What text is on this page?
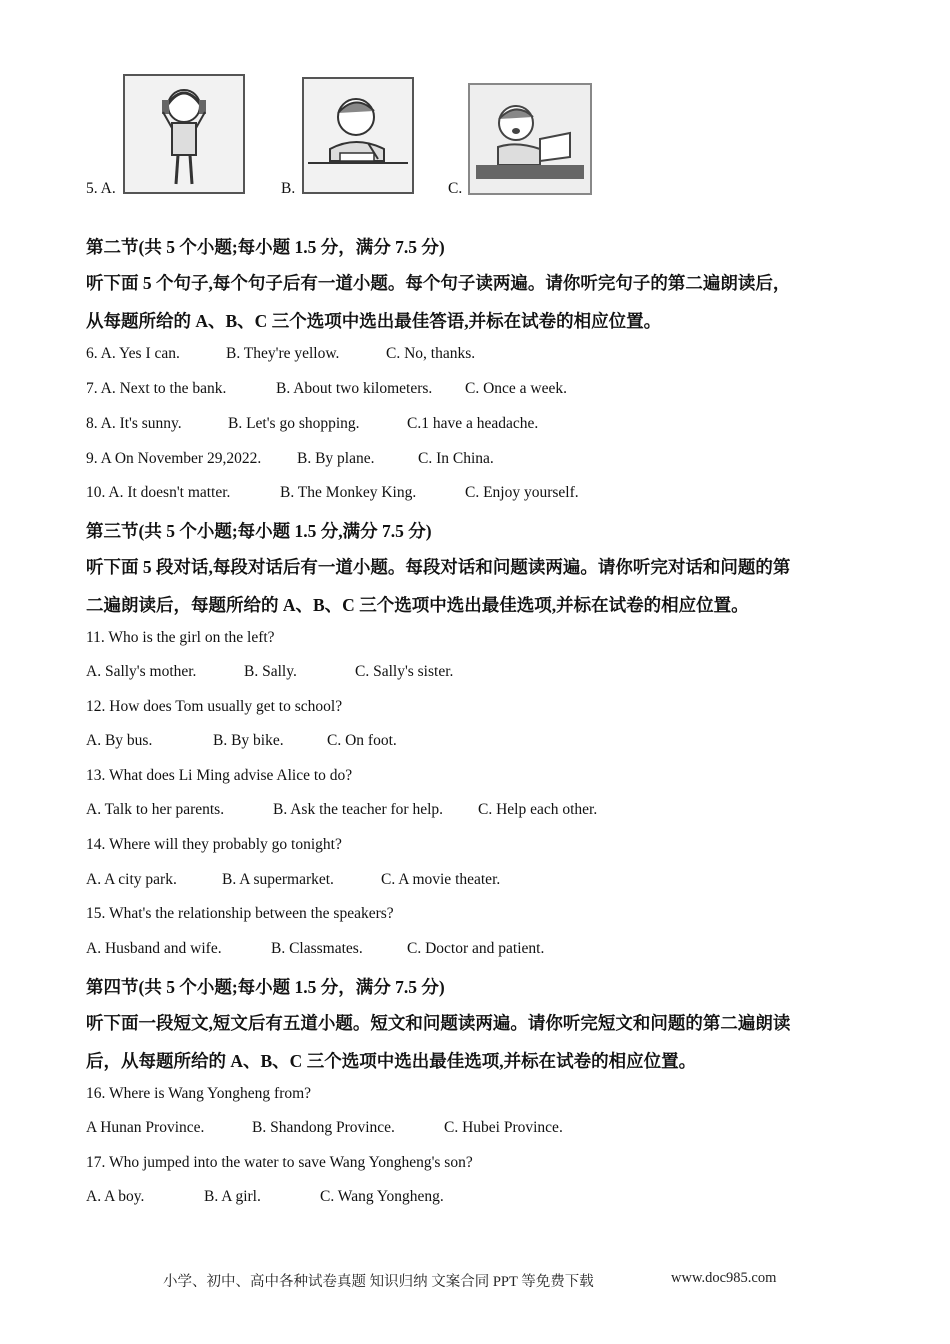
5. A.	B.	C.
第二节(共 5 个小题;每小题 1.5 分，满分 7.5 分)
听下面 5 个句子,每个句子后有一道小题。每个句子读两遍。请你听完句子的第二遍朗读后，
从每题所给的 A、B、C 三个选项中选出最佳答语,并标在试卷的相应位置。
6. A. Yes I can.	B. They're yellow.	C. No, thanks.
7. A. Next to the bank.	B. About two kilometers. C. Once a week.
8. A. It's sunny.	B. Let's go shopping.	C.1 have a headache.
9. A On November 29,2022. B. By plane.	C. In China.
10. A. It doesn't matter.	B. The Monkey King.	C. Enjoy yourself.
第三节(共 5 个小题;每小题 1.5 分,满分 7.5 分)
听下面 5 段对话,每段对话后有一道小题。每段对话和问题读两遍。请你听完对话和问题的第
二遍朗读后，每题所给的 A、B、C 三个选项中选出最佳选项,并标在试卷的相应位置。
11. Who is the girl on the left?
A. Sally's mother.	B. Sally.	C. Sally's sister.
12. How does Tom usually get to school?
A. By bus.	B. By bike.	C. On foot.
13. What does Li Ming advise Alice to do?
A. Talk to her parents.	B. Ask the teacher for help. C. Help each other.
14. Where will they probably go tonight?
A. A city park.	B. A supermarket.	C. A movie theater.
15. What's the relationship between the speakers?
A. Husband and wife.	B. Classmates.	C. Doctor and patient.
第四节(共 5 个小题;每小题 1.5 分，满分 7.5 分)
听下面一段短文,短文后有五道小题。短文和问题读两遍。请你听完短文和问题的第二遍朗读
后，从每题所给的 A、B、C 三个选项中选出最佳选项,并标在试卷的相应位置。
16. Where is Wang Yongheng from?
A Hunan Province.	B. Shandong Province.	C. Hubei Province.
17. Who jumped into the water to save Wang Yongheng's son?
A. A boy.	B. A girl.	C. Wang Yongheng.
小学、初中、高中各种试卷真题 知识归纳 文案合同 PPT 等免费下载	www.doc985.com
